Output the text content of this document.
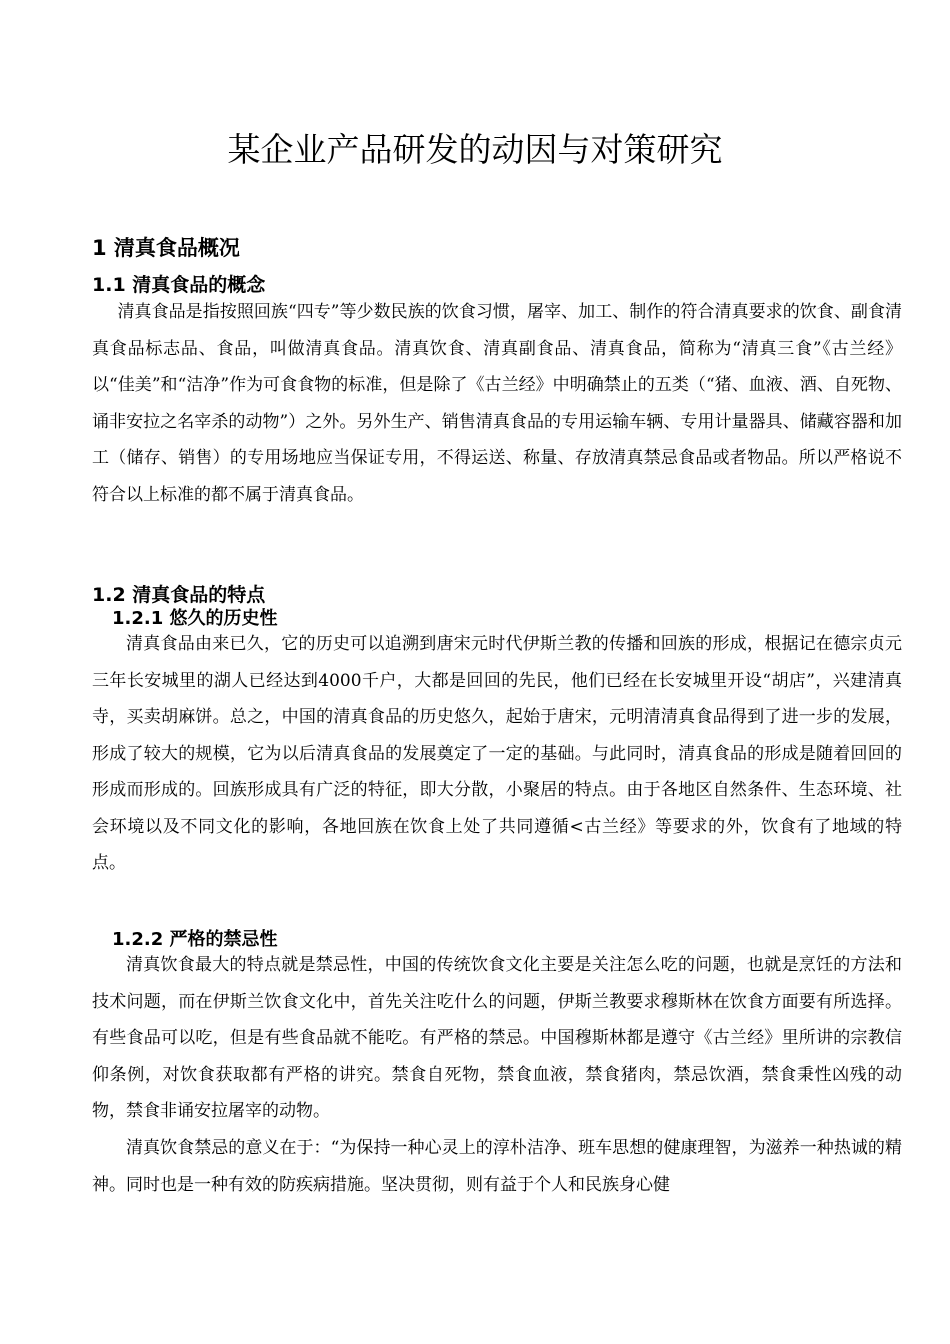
某企业产品研发的动因与对策研究
1 清真食品概况
1.1 清真食品的概念
清真食品是指按照回族“四专”等少数民族的饮食习惯，屠宰、加工、制作的符合清真要求的饮食、副食清真食品标志品、食品，叫做清真食品。清真饮食、清真副食品、清真食品，简称为“清真三食”《古兰经》以“佳美”和“洁净”作为可食食物的标准，但是除了《古兰经》中明确禁止的五类（“猪、血液、酒、自死物、诵非安拉之名宰杀的动物”）之外。另外生产、销售清真食品的专用运输车辆、专用计量器具、储藏容器和加工（储存、销售）的专用场地应当保证专用，不得运送、称量、存放清真禁忌食品或者物品。所以严格说不符合以上标准的都不属于清真食品。
1.2 清真食品的特点
1.2.1 悠久的历史性
清真食品由来已久，它的历史可以追溯到唐宋元时代伊斯兰教的传播和回族的形成，根据记在德宗贞元三年长安城里的湖人已经达到4000千户，大都是回回的先民，他们已经在长安城里开设“胡店”，兴建清真寺，买卖胡麻饼。总之，中国的清真食品的历史悠久，起始于唐宋，元明清清真食品得到了进一步的发展，形成了较大的规模，它为以后清真食品的发展奠定了一定的基础。与此同时，清真食品的形成是随着回回的形成而形成的。回族形成具有广泛的特征，即大分散，小聚居的特点。由于各地区自然条件、生态环境、社会环境以及不同文化的影响，各地回族在饮食上处了共同遵循<古兰经》等要求的外，饮食有了地域的特点。
1.2.2 严格的禁忌性
清真饮食最大的特点就是禁忌性，中国的传统饮食文化主要是关注怎么吃的问题，也就是烹饪的方法和技术问题，而在伊斯兰饮食文化中，首先关注吃什么的问题，伊斯兰教要求穆斯林在饮食方面要有所选择。有些食品可以吃，但是有些食品就不能吃。有严格的禁忌。中国穆斯林都是遵守《古兰经》里所讲的宗教信仰条例，对饮食获取都有严格的讲究。禁食自死物，禁食血液，禁食猪肉，禁忌饮酒，禁食秉性凶残的动物，禁食非诵安拉屠宰的动物。
清真饮食禁忌的意义在于：“为保持一种心灵上的淳朴洁净、班车思想的健康理智，为滋养一种热诚的精神。同时也是一种有效的防疾病措施。坚决贯彻，则有益于个人和民族身心健
